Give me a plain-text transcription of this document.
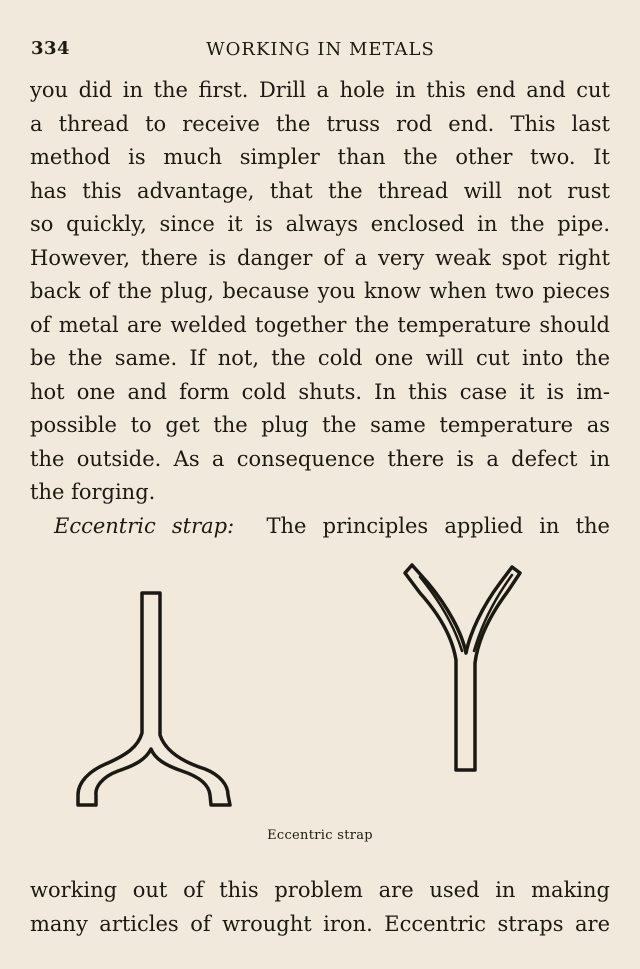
334	WORKING IN METALS
you did in the first. Drill a hole in this end and cut
a thread to receive the truss rod end. This last
method is much simpler than the other two. It
has this advantage, that the thread will not rust
so quickly, since it is always enclosed in the pipe.
However, there is danger of a very weak spot right
back of the plug, because you know when two pieces
of metal are welded together the temperature should
be the same. If not, the cold one will cut into the
hot one and form cold shuts. In this case it is im-
possible to get the plug the same temperature as
the outside. As a consequence there is a defect in
the forging.
Eccentric strap: The principles applied in the
Eccentric strap
working out of this problem are used in making
many articles of wrought iron. Eccentric straps are
